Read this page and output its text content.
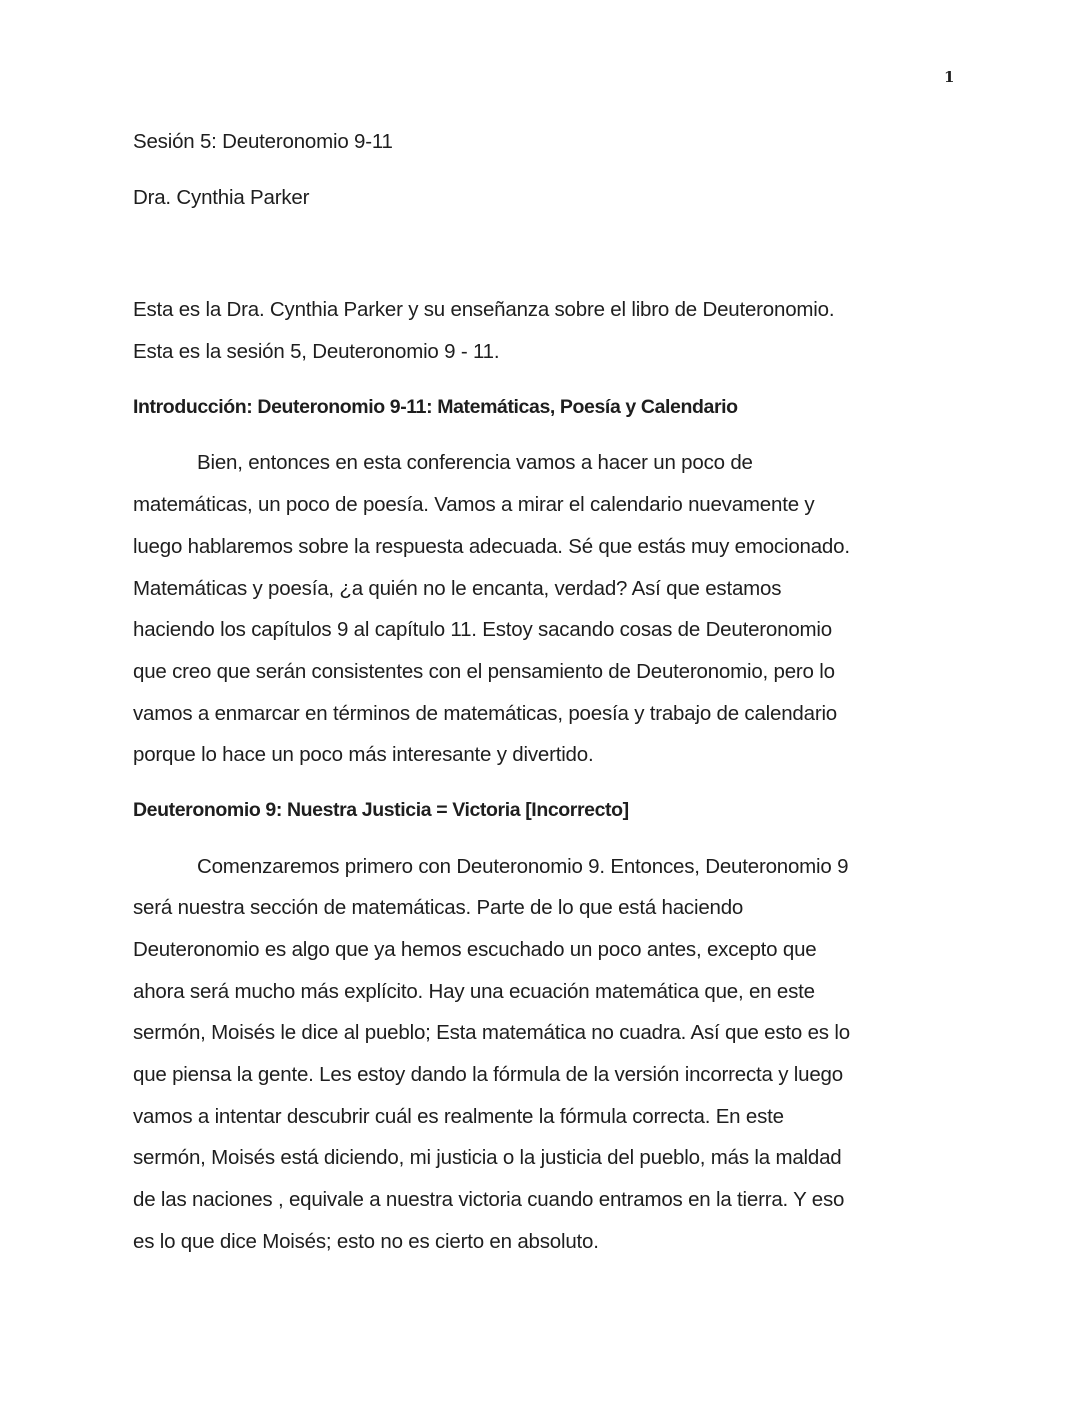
1
Sesión 5: Deuteronomio 9-11
Dra. Cynthia Parker
Esta es la Dra. Cynthia Parker y su enseñanza sobre el libro de Deuteronomio.
Esta es la sesión 5, Deuteronomio 9 - 11.
Introducción: Deuteronomio 9-11: Matemáticas, Poesía y Calendario
Bien, entonces en esta conferencia vamos a hacer un poco de
matemáticas, un poco de poesía. Vamos a mirar el calendario nuevamente y
luego hablaremos sobre la respuesta adecuada. Sé que estás muy emocionado.
Matemáticas y poesía, ¿a quién no le encanta, verdad? Así que estamos
haciendo los capítulos 9 al capítulo 11. Estoy sacando cosas de Deuteronomio
que creo que serán consistentes con el pensamiento de Deuteronomio, pero lo
vamos a enmarcar en términos de matemáticas, poesía y trabajo de calendario
porque lo hace un poco más interesante y divertido.
Deuteronomio 9: Nuestra Justicia = Victoria [Incorrecto]
Comenzaremos primero con Deuteronomio 9. Entonces, Deuteronomio 9
será nuestra sección de matemáticas. Parte de lo que está haciendo
Deuteronomio es algo que ya hemos escuchado un poco antes, excepto que
ahora será mucho más explícito. Hay una ecuación matemática que, en este
sermón, Moisés le dice al pueblo; Esta matemática no cuadra. Así que esto es lo
que piensa la gente. Les estoy dando la fórmula de la versión incorrecta y luego
vamos a intentar descubrir cuál es realmente la fórmula correcta. En este
sermón, Moisés está diciendo, mi justicia o la justicia del pueblo, más la maldad
de las naciones , equivale a nuestra victoria cuando entramos en la tierra. Y eso
es lo que dice Moisés; esto no es cierto en absoluto.
